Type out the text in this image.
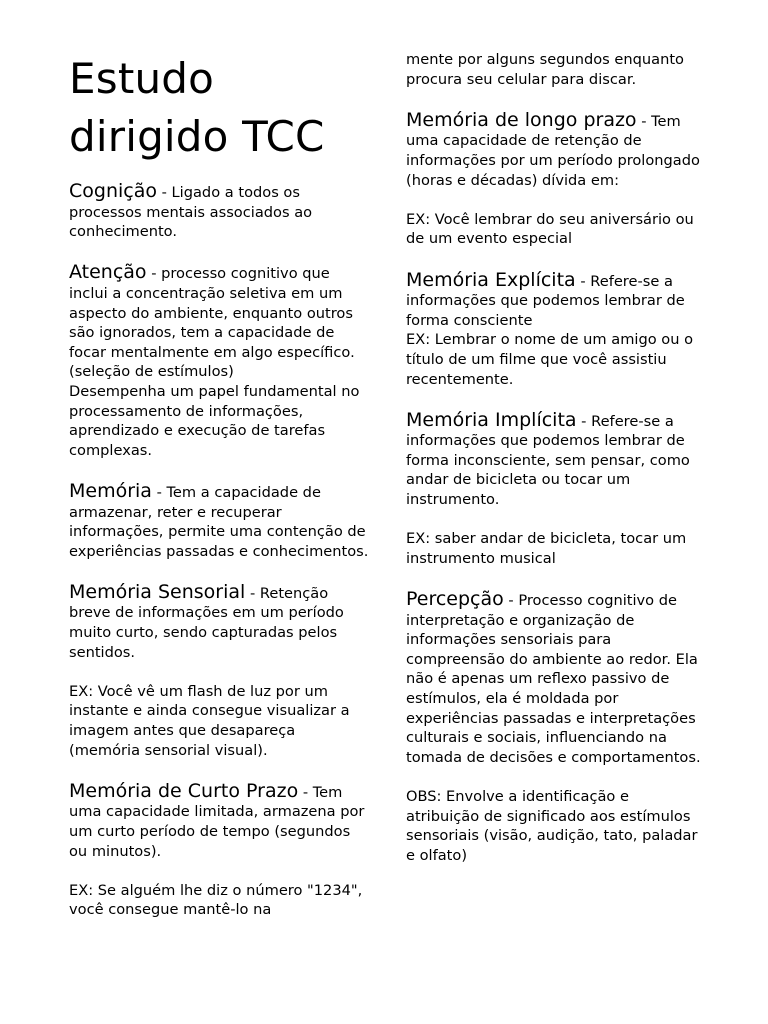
Estudo dirigido TCC

Cognição - Ligado a todos os processos mentais associados ao conhecimento.

Atenção - processo cognitivo que inclui a concentração seletiva em um aspecto do ambiente, enquanto outros são ignorados, tem a capacidade de focar mentalmente em algo específico. (seleção de estímulos)

Desempenha um papel fundamental no processamento de informações, aprendizado e execução de tarefas complexas.

Memória - Tem a capacidade de armazenar, reter e recuperar informações, permite uma contenção de experiências passadas e conhecimentos.

Memória Sensorial - Retenção breve de informações em um período muito curto, sendo capturadas pelos sentidos.

EX: Você vê um flash de luz por um instante e ainda consegue visualizar a imagem antes que desapareça (memória sensorial visual).

Memória de Curto Prazo - Tem uma capacidade limitada, armazena por um curto período de tempo (segundos ou minutos).

EX: Se alguém lhe diz o número "1234", você consegue mantê-lo na

mente por alguns segundos enquanto procura seu celular para discar.

Memória de longo prazo - Tem uma capacidade de retenção de informações por um período prolongado (horas e décadas) dívida em:

EX: Você lembrar do seu aniversário ou de um evento especial

Memória Explícita - Refere-se a informações que podemos lembrar de forma consciente

EX: Lembrar o nome de um amigo ou o título de um filme que você assistiu recentemente.

Memória Implícita - Refere-se a informações que podemos lembrar de forma inconsciente, sem pensar, como andar de bicicleta ou tocar um instrumento.

EX: saber andar de bicicleta, tocar um instrumento musical

Percepção - Processo cognitivo de interpretação e organização de informações sensoriais para compreensão do ambiente ao redor. Ela não é apenas um reflexo passivo de estímulos, ela é moldada por experiências passadas e interpretações culturais e sociais, influenciando na tomada de decisões e comportamentos.

OBS: Envolve a identificação e atribuição de significado aos estímulos sensoriais (visão, audição, tato, paladar e olfato)
